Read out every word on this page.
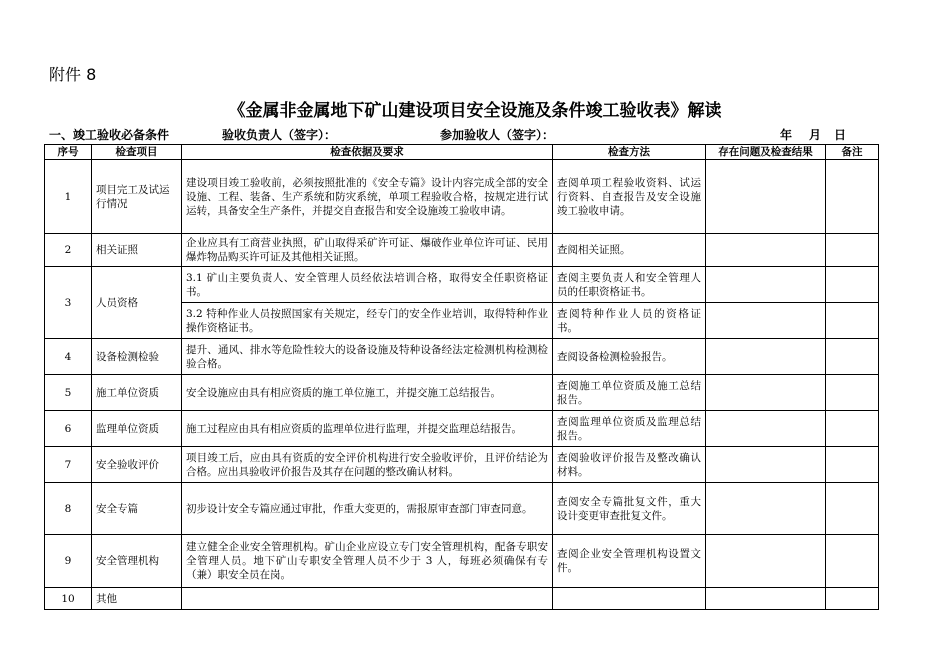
附件 8
《金属非金属地下矿山建设项目安全设施及条件竣工验收表》解读
一、竣工验收必备条件	验收负责人（签字）：	参加验收人（签字）：	年 月 日
序号	检查项目	检查依据及要求	检查方法	存在问题及检查结果	备注
1	项目完工及试运行情况	建设项目竣工验收前，必须按照批准的《安全专篇》设计内容完成全部的安全设施、工程、装备、生产系统和防灾系统，单项工程验收合格，按规定进行试运转，具备安全生产条件，并提交自查报告和安全设施竣工验收申请。	查阅单项工程验收资料、试运行资料、自查报告及安全设施竣工验收申请。		
2	相关证照	企业应具有工商营业执照，矿山取得采矿许可证、爆破作业单位许可证、民用爆炸物品购买许可证及其他相关证照。	查阅相关证照。		
3	人员资格	3.1 矿山主要负责人、安全管理人员经依法培训合格，取得安全任职资格证书。	查阅主要负责人和安全管理人员的任职资格证书。		
		3.2 特种作业人员按照国家有关规定，经专门的安全作业培训，取得特种作业操作资格证书。	查阅特种作业人员的资格证书。		
4	设备检测检验	提升、通风、排水等危险性较大的设备设施及特种设备经法定检测机构检测检验合格。	查阅设备检测检验报告。		
5	施工单位资质	安全设施应由具有相应资质的施工单位施工，并提交施工总结报告。	查阅施工单位资质及施工总结报告。		
6	监理单位资质	施工过程应由具有相应资质的监理单位进行监理，并提交监理总结报告。	查阅监理单位资质及监理总结报告。		
7	安全验收评价	项目竣工后，应由具有资质的安全评价机构进行安全验收评价，且评价结论为合格。应出具验收评价报告及其存在问题的整改确认材料。	查阅验收评价报告及整改确认材料。		
8	安全专篇	初步设计安全专篇应通过审批，作重大变更的，需报原审查部门审查同意。	查阅安全专篇批复文件，重大设计变更审查批复文件。		
9	安全管理机构	建立健全企业安全管理机构。矿山企业应设立专门安全管理机构，配备专职安全管理人员。地下矿山专职安全管理人员不少于 3 人，每班必须确保有专（兼）职安全员在岗。	查阅企业安全管理机构设置文件。		
10	其他				
